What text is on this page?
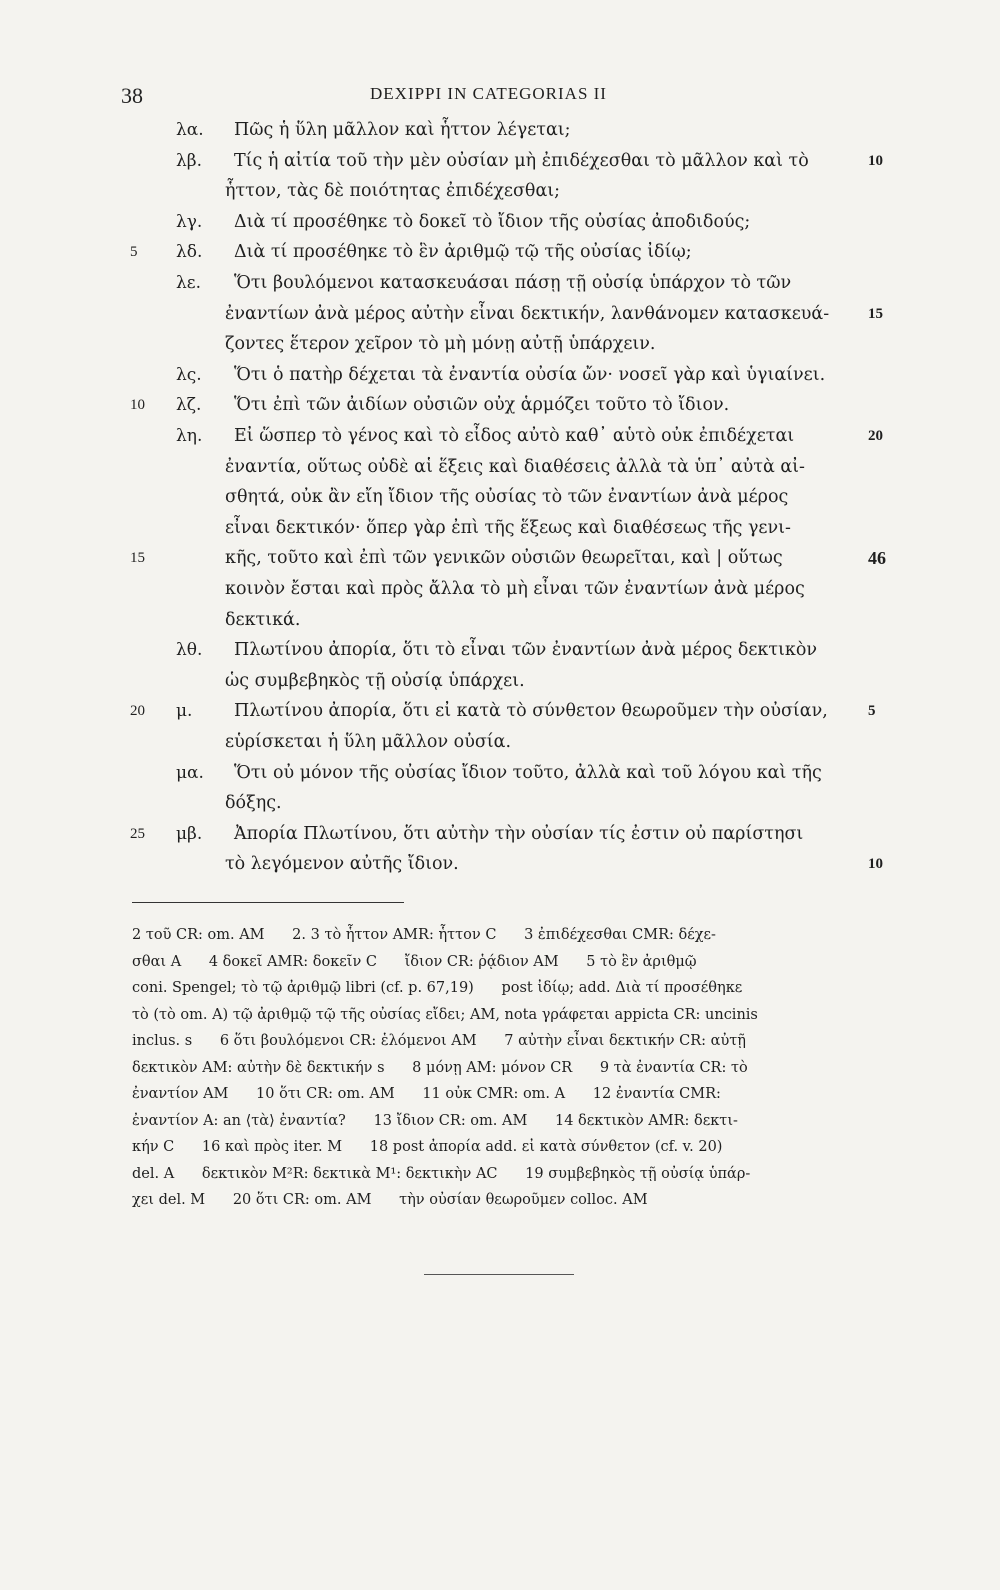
38	DEXIPPI IN CATEGORIAS II
λα. Πῶς ἡ ὕλη μᾶλλον καὶ ἧττον λέγεται;
λβ. Τίς ἡ αἰτία τοῦ τὴν μὲν οὐσίαν μὴ ἐπιδέχεσθαι τὸ μᾶλλον καὶ τὸ	10
ἧττον, τὰς δὲ ποιότητας ἐπιδέχεσθαι;
λγ. Διὰ τί προσέθηκε τὸ δοκεῖ τὸ ἴδιον τῆς οὐσίας ἀποδιδούς;
5	λδ. Διὰ τί προσέθηκε τὸ ἓν ἀριθμῷ τῷ τῆς οὐσίας ἰδίῳ;
λε. Ὅτι βουλόμενοι κατασκευάσαι πάσῃ τῇ οὐσίᾳ ὑπάρχον τὸ τῶν
ἐναντίων ἀνὰ μέρος αὐτὴν εἶναι δεκτικήν, λανθάνομεν κατασκευά-	15
ζοντες ἕτερον χεῖρον τὸ μὴ μόνῃ αὐτῇ ὑπάρχειν.
λς. Ὅτι ὁ πατὴρ δέχεται τὰ ἐναντία οὐσία ὤν· νοσεῖ γὰρ καὶ ὑγιαίνει.
10	λζ. Ὅτι ἐπὶ τῶν ἀιδίων οὐσιῶν οὐχ ἁρμόζει τοῦτο τὸ ἴδιον.
λη. Εἰ ὥσπερ τὸ γένος καὶ τὸ εἶδος αὐτὸ καθ᾽ αὑτὸ οὐκ ἐπιδέχεται	20
ἐναντία, οὕτως οὐδὲ αἱ ἕξεις καὶ διαθέσεις ἀλλὰ τὰ ὑπ᾽ αὐτὰ αἰ-
σθητά, οὐκ ἂν εἴη ἴδιον τῆς οὐσίας τὸ τῶν ἐναντίων ἀνὰ μέρος
εἶναι δεκτικόν· ὅπερ γὰρ ἐπὶ τῆς ἕξεως καὶ διαθέσεως τῆς γενι-
15	κῆς, τοῦτο καὶ ἐπὶ τῶν γενικῶν οὐσιῶν θεωρεῖται, καὶ | οὕτως	46
κοινὸν ἔσται καὶ πρὸς ἄλλα τὸ μὴ εἶναι τῶν ἐναντίων ἀνὰ μέρος
δεκτικά.
λθ. Πλωτίνου ἀπορία, ὅτι τὸ εἶναι τῶν ἐναντίων ἀνὰ μέρος δεκτικὸν
ὡς συμβεβηκὸς τῇ οὐσίᾳ ὑπάρχει.
20	μ. Πλωτίνου ἀπορία, ὅτι εἰ κατὰ τὸ σύνθετον θεωροῦμεν τὴν οὐσίαν,	5
εὑρίσκεται ἡ ὕλη μᾶλλον οὐσία.
μα. Ὅτι οὐ μόνον τῆς οὐσίας ἴδιον τοῦτο, ἀλλὰ καὶ τοῦ λόγου καὶ τῆς
δόξης.
25	μβ. Ἀπορία Πλωτίνου, ὅτι αὐτὴν τὴν οὐσίαν τίς ἐστιν οὐ παρίστησι
τὸ λεγόμενον αὐτῆς ἴδιον.	10
2 τοῦ CR: om. AM      2. 3 τὸ ἧττον AMR: ἧττον C      3 ἐπιδέχεσθαι CMR: δέχε-
σθαι A      4 δοκεῖ AMR: δοκεῖν C      ἴδιον CR: ῥᾴδιον AM      5 τὸ ἓν ἀριθμῷ
coni. Spengel; τὸ τῷ ἀριθμῷ libri (cf. p. 67,19)      post ἰδίῳ; add. Διὰ τί προσέθηκε
τὸ (τὸ om. A) τῷ ἀριθμῷ τῷ τῆς οὐσίας εἴδει; AM, nota γράφεται appicta CR: uncinis
inclus. s      6 ὅτι βουλόμενοι CR: ἑλόμενοι AM      7 αὐτὴν εἶναι δεκτικήν CR: αὐτῇ
δεκτικὸν AM: αὐτὴν δὲ δεκτικήν s      8 μόνῃ AM: μόνον CR      9 τὰ ἐναντία CR: τὸ
ἐναντίον AM      10 ὅτι CR: om. AM      11 οὐκ CMR: om. A      12 ἐναντία CMR:
ἐναντίον A: an ⟨τὰ⟩ ἐναντία?      13 ἴδιον CR: om. AM      14 δεκτικὸν AMR: δεκτι-
κήν C      16 καὶ πρὸς iter. M      18 post ἀπορία add. εἰ κατὰ σύνθετον (cf. v. 20)
del. A      δεκτικὸν M²R: δεκτικὰ M¹: δεκτικὴν AC      19 συμβεβηκὸς τῇ οὐσίᾳ ὑπάρ-
χει del. M      20 ὅτι CR: om. AM      τὴν οὐσίαν θεωροῦμεν colloc. AM
